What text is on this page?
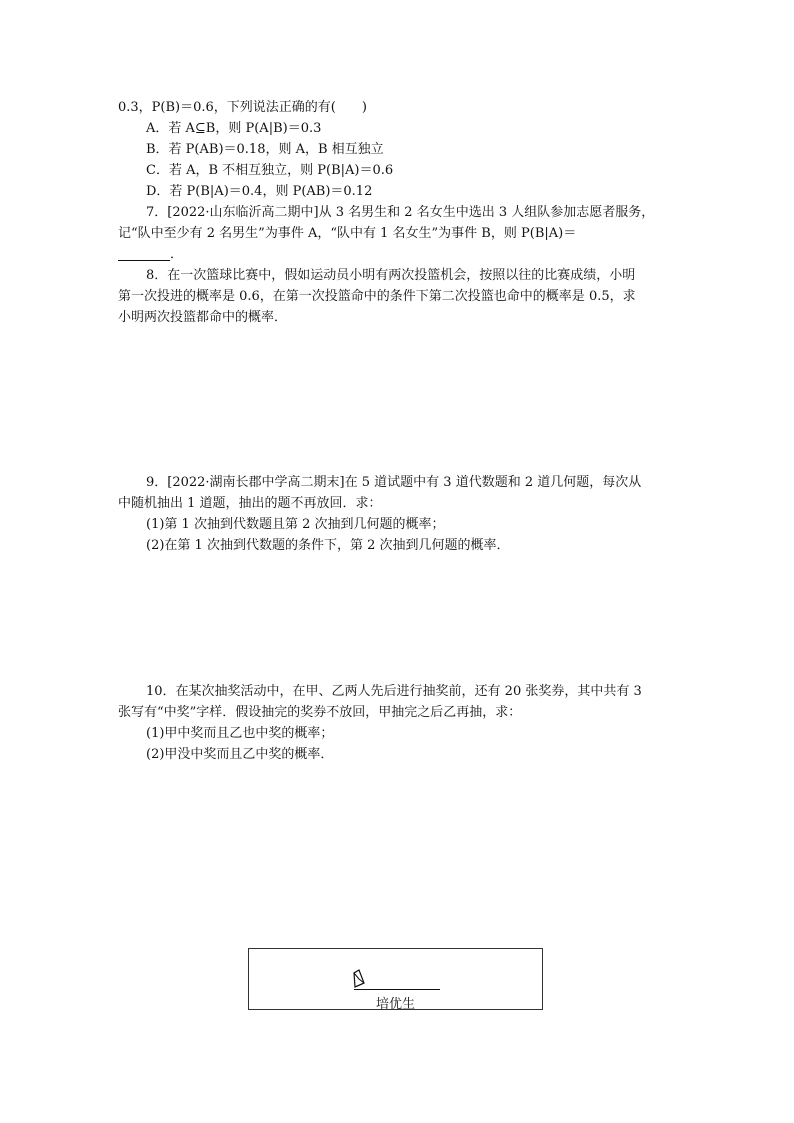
0.3，P(B)＝0.6，下列说法正确的有(　　)
A．若 A⊆B，则 P(A|B)＝0.3
B．若 P(AB)＝0.18，则 A，B 相互独立
C．若 A，B 不相互独立，则 P(B|A)＝0.6
D．若 P(B|A)＝0.4，则 P(AB)＝0.12
7．[2022·山东临沂高二期中]从 3 名男生和 2 名女生中选出 3 人组队参加志愿者服务，
记“队中至少有 2 名男生”为事件 A，“队中有 1 名女生”为事件 B，则 P(B|A)＝
．
8．在一次篮球比赛中，假如运动员小明有两次投篮机会，按照以往的比赛成绩，小明
第一次投进的概率是 0.6，在第一次投篮命中的条件下第二次投篮也命中的概率是 0.5，求
小明两次投篮都命中的概率．
9．[2022·湖南长郡中学高二期末]在 5 道试题中有 3 道代数题和 2 道几何题，每次从
中随机抽出 1 道题，抽出的题不再放回．求：
(1)第 1 次抽到代数题且第 2 次抽到几何题的概率；
(2)在第 1 次抽到代数题的条件下，第 2 次抽到几何题的概率．
10．在某次抽奖活动中，在甲、乙两人先后进行抽奖前，还有 20 张奖券，其中共有 3
张写有“中奖”字样．假设抽完的奖券不放回，甲抽完之后乙再抽，求：
(1)甲中奖而且乙也中奖的概率；
(2)甲没中奖而且乙中奖的概率．
培优生
